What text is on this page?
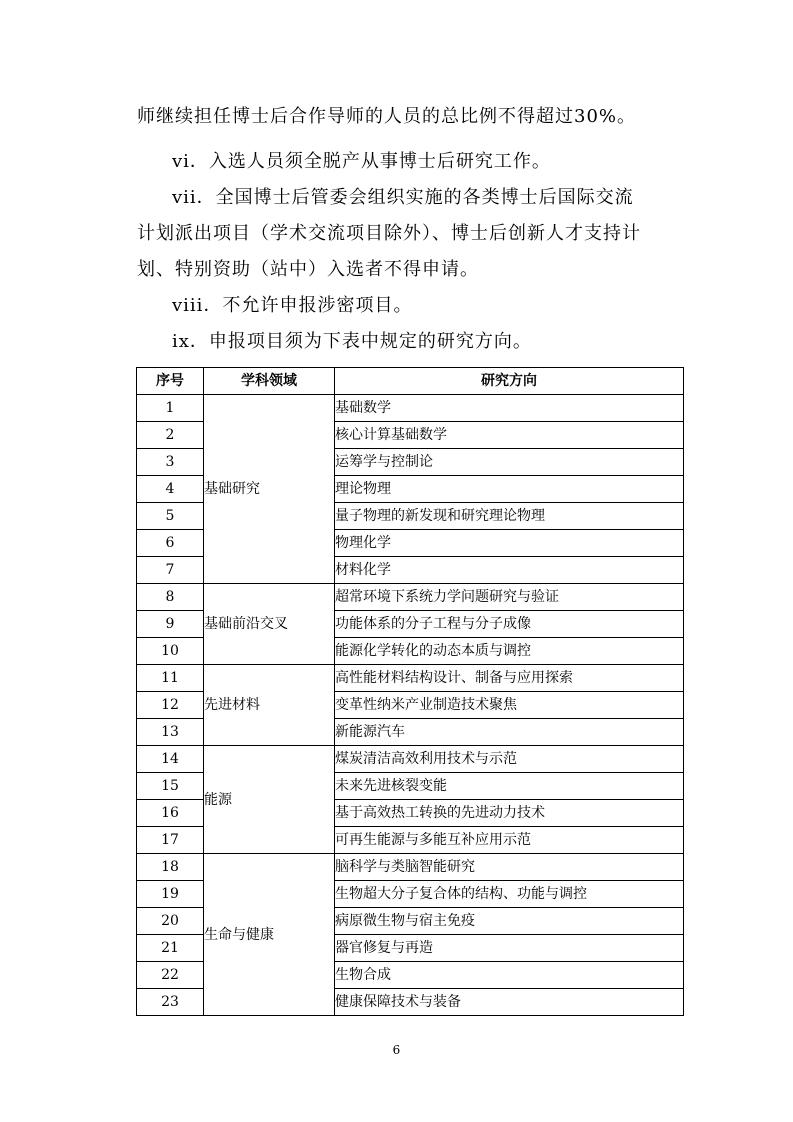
师继续担任博士后合作导师的人员的总比例不得超过30%。
vi．入选人员须全脱产从事博士后研究工作。
vii．全国博士后管委会组织实施的各类博士后国际交流
计划派出项目（学术交流项目除外）、博士后创新人才支持计
划、特别资助（站中）入选者不得申请。
viii．不允许申报涉密项目。
ix．申报项目须为下表中规定的研究方向。
序号	学科领域	研究方向
1	基础研究	基础数学
2		核心计算基础数学
3		运筹学与控制论
4		理论物理
5		量子物理的新发现和研究理论物理
6		物理化学
7		材料化学
8	基础前沿交叉	超常环境下系统力学问题研究与验证
9		功能体系的分子工程与分子成像
10		能源化学转化的动态本质与调控
11	先进材料	高性能材料结构设计、制备与应用探索
12		变革性纳米产业制造技术聚焦
13		新能源汽车
14	能源	煤炭清洁高效利用技术与示范
15		未来先进核裂变能
16		基于高效热工转换的先进动力技术
17		可再生能源与多能互补应用示范
18	生命与健康	脑科学与类脑智能研究
19		生物超大分子复合体的结构、功能与调控
20		病原微生物与宿主免疫
21		器官修复与再造
22		生物合成
23		健康保障技术与装备
6
